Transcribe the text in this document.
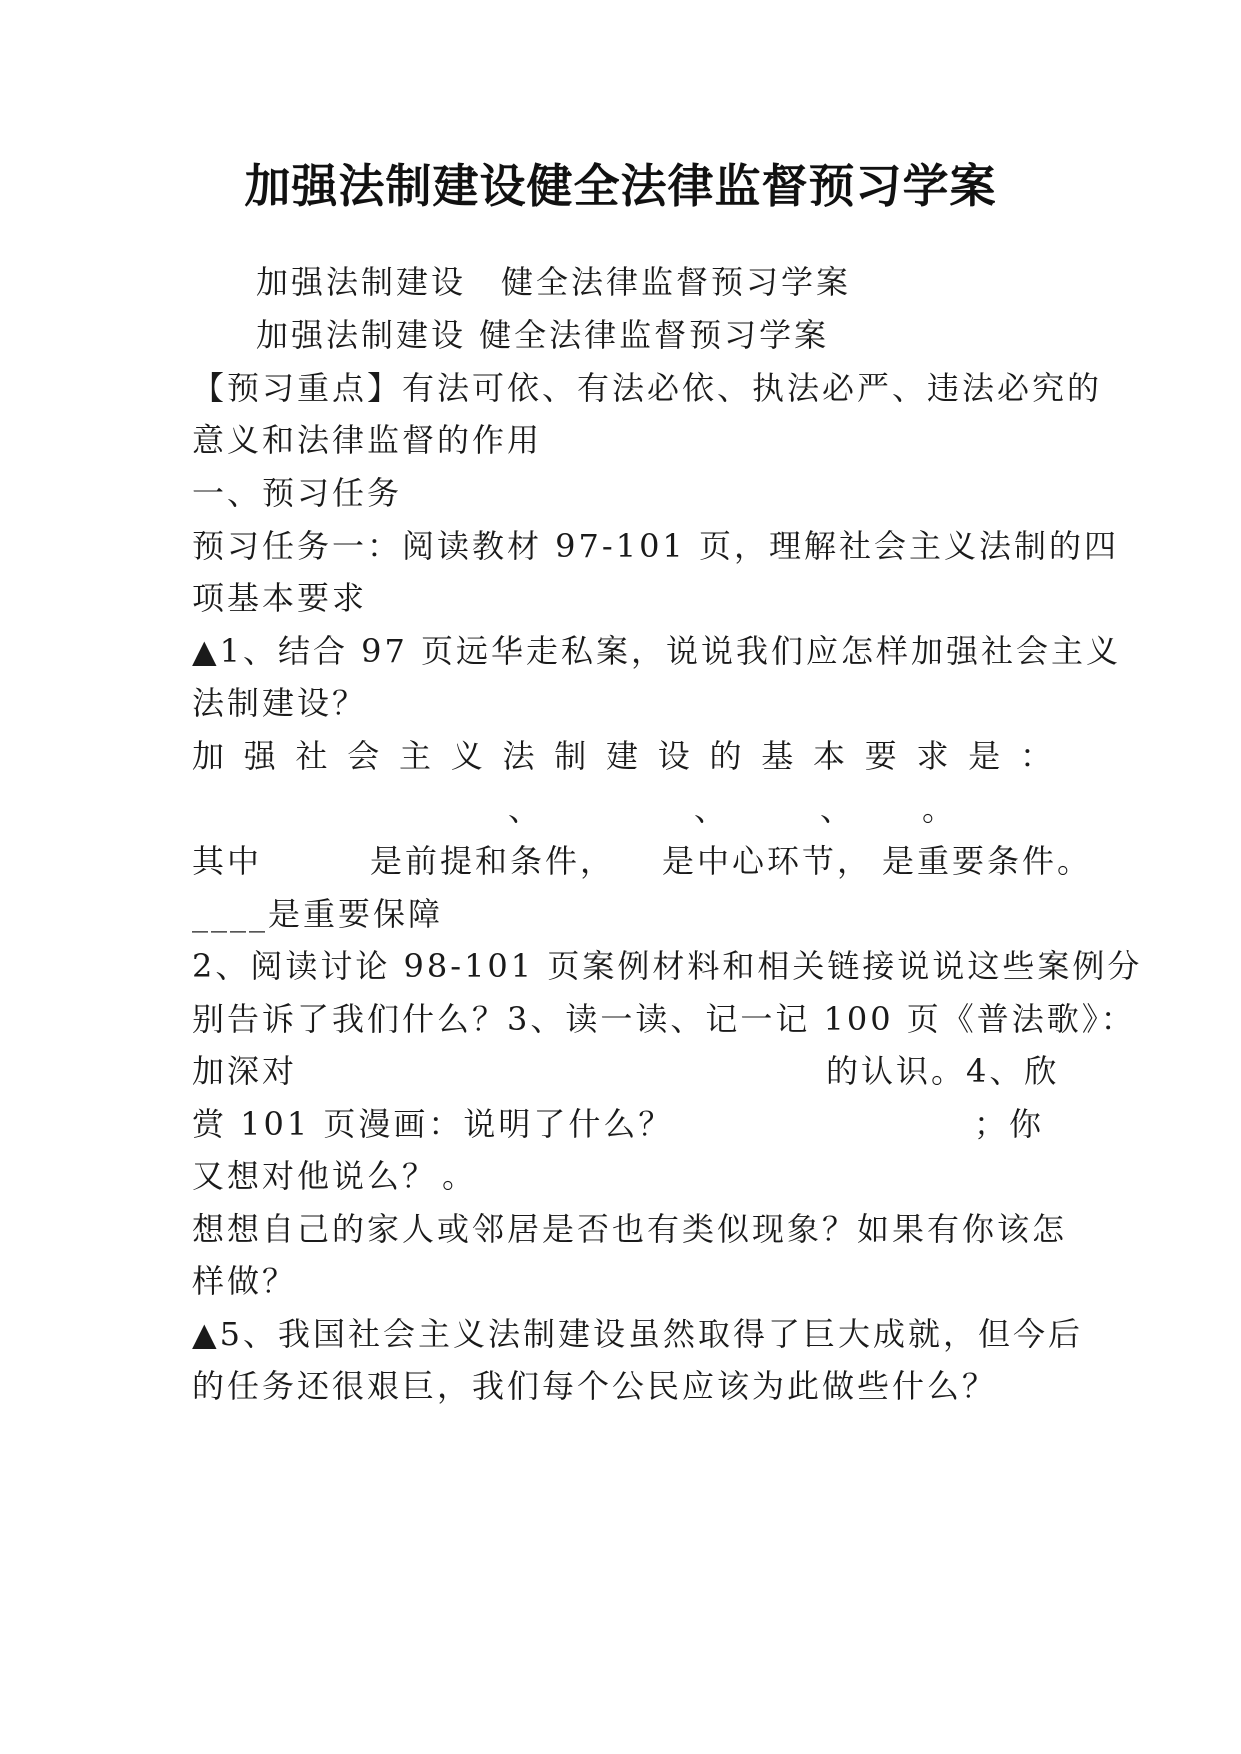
加强法制建设健全法律监督预习学案
加强法制建设　健全法律监督预习学案
加强法制建设 健全法律监督预习学案
【预习重点】有法可依、有法必依、执法必严、违法必究的
意义和法律监督的作用
一、预习任务
预习任务一：阅读教材 97-101 页，理解社会主义法制的四
项基本要求
▲1、结合 97 页远华走私案，说说我们应怎样加强社会主义
法制建设？
加强社会主义法制建设的基本要求是：

、

	、

	、

。

其中

	是前提和条件，

是中心环节，

是重要条件。

____是重要保障
2、阅读讨论 98-101 页案例材料和相关链接说说这些案例分
别告诉了我们什么？3、读一读、记一记 100 页《普法歌》：

加深对

	的认识。4、欣

赏 101 页漫画：说明了什么？

	；你

又想对他说么？

。

想想自己的家人或邻居是否也有类似现象？如果有你该怎
样做？
▲5、我国社会主义法制建设虽然取得了巨大成就，但今后
的任务还很艰巨，我们每个公民应该为此做些什么？
